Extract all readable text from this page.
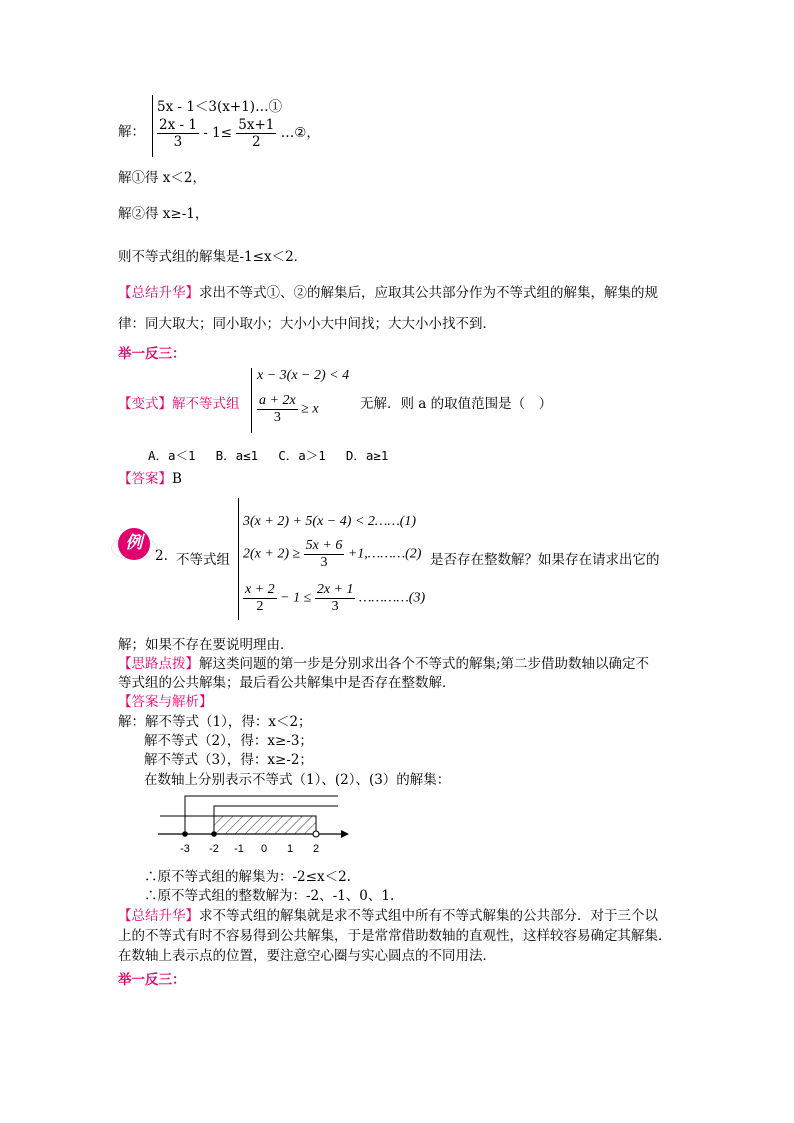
解：
5x - 1＜3(x+1)…①
$\frac{2x - 1}{3} - 1\le \frac{5x+1}{2}$ …②，
解①得 x＜2，
解②得 x≥-1，
则不等式组的解集是-1≤x＜2．
【总结升华】求出不等式①、②的解集后，应取其公共部分作为不等式组的解集，解集的规
律：同大取大；同小取小；大小小大中间找；大大小小找不到．
举一反三：
【变式】解不等式组
x − 3(x − 2) < 4
$\frac{a + 2x}{3} \ge x$	无解．则 a 的取值范围是（　）
A．a＜1　 B．a≤1　 C．a＞1　 D．a≥1
【答案】B
例
2. 不等式组
3(x + 2) + 5(x − 4) < 2……(1)
$2(x + 2) \ge \frac{5x + 6}{3}$ +1,………(2) 是否存在整数解？如果存在请求出它的
$\frac{x + 2}{2} - 1 \le \frac{2x + 1}{3}$ …………(3)
解；如果不存在要说明理由．
【思路点拨】解这类问题的第一步是分别求出各个不等式的解集;第二步借助数轴以确定不
等式组的公共解集；最后看公共解集中是否存在整数解．
【答案与解析】
解：解不等式（1），得：x＜2；
解不等式（2），得：x≥-3；
解不等式（3），得：x≥-2；
在数轴上分别表示不等式（1）、(2）、(3）的解集：
-3 -2 -1 0 1 2
∴原不等式组的解集为：-2≤x＜2.
∴原不等式组的整数解为：-2、-1、0、1.
【总结升华】求不等式组的解集就是求不等式组中所有不等式解集的公共部分．对于三个以
上的不等式有时不容易得到公共解集，于是常常借助数轴的直观性，这样较容易确定其解集．
在数轴上表示点的位置，要注意空心圈与实心圆点的不同用法．
举一反三：
